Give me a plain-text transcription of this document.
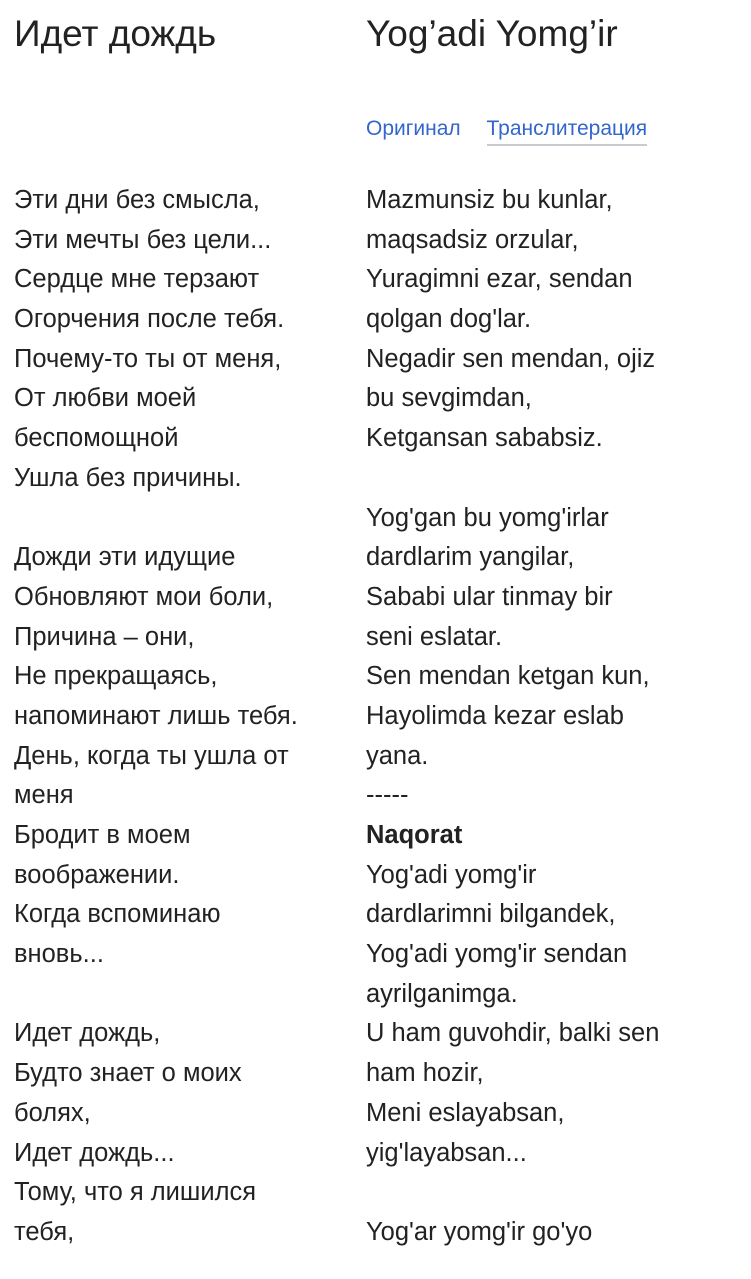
Идет дождь	Yog’adi Yomg’ir
Оригинал Транслитерация
Эти дни без смысла,
Эти мечты без цели...
Сердце мне терзают
Огорчения после тебя.
Почему-то ты от меня,
От любви моей
беспомощной
Ушла без причины.
Дожди эти идущие
Обновляют мои боли,
Причина – они,
Не прекращаясь,
напоминают лишь тебя.
День, когда ты ушла от
меня
Бродит в моем
воображении.
Когда вспоминаю
вновь...
Идет дождь,
Будто знает о моих
болях,
Идет дождь...
Тому, что я лишился
тебя,
Mazmunsiz bu kunlar,
maqsadsiz orzular,
Yuragimni ezar, sendan
qolgan dog'lar.
Negadir sen mendan, ojiz
bu sevgimdan,
Ketgansan sababsiz.
Yog'gan bu yomg'irlar
dardlarim yangilar,
Sababi ular tinmay bir
seni eslatar.
Sen mendan ketgan kun,
Hayolimda kezar eslab
yana.
-----
Naqorat
Yog'adi yomg'ir
dardlarimni bilgandek,
Yog'adi yomg'ir sendan
ayrilganimga.
U ham guvohdir, balki sen
ham hozir,
Meni eslayabsan,
yig'layabsan...
Yog'ar yomg'ir go'yo
